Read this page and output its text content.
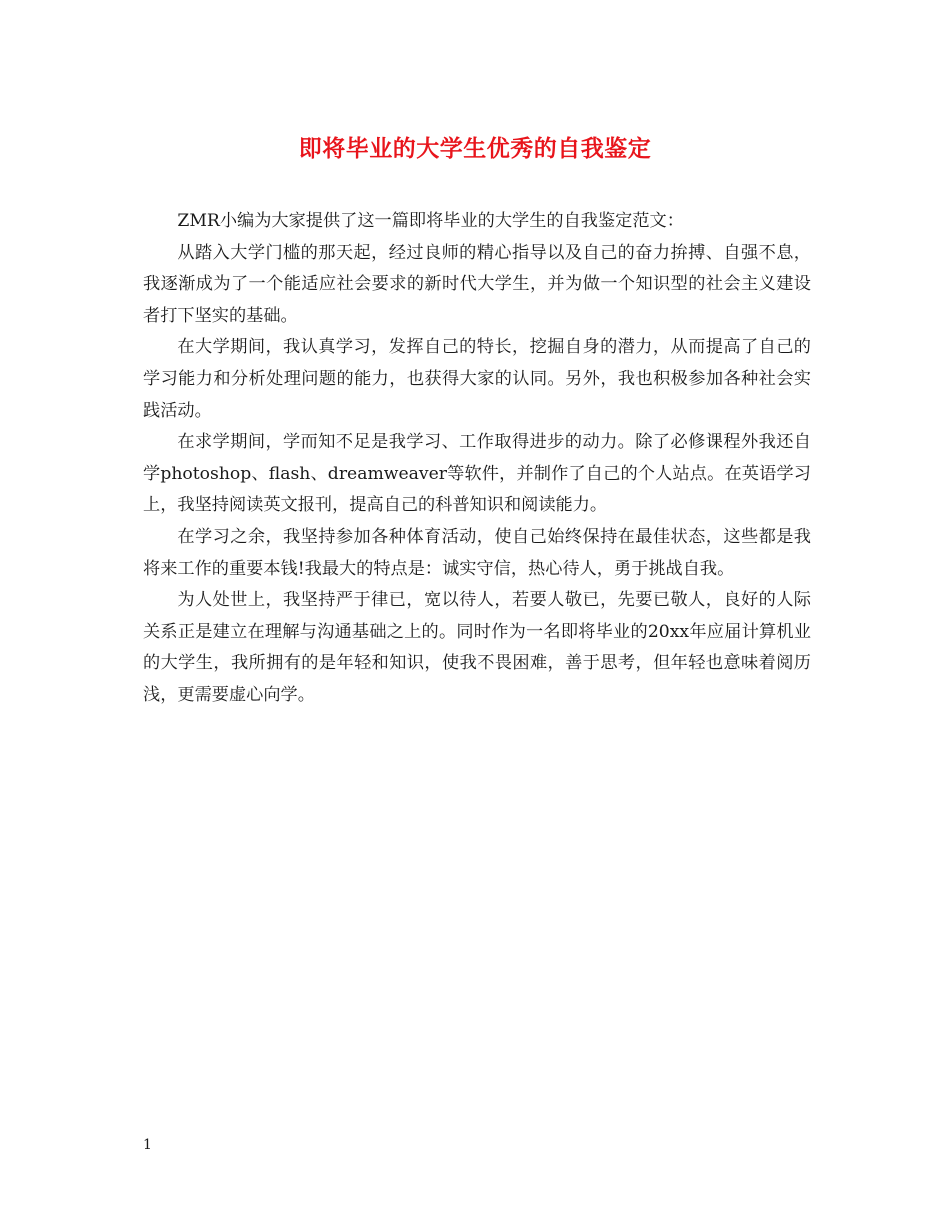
即将毕业的大学生优秀的自我鉴定

ZMR小编为大家提供了这一篇即将毕业的大学生的自我鉴定范文：

从踏入大学门槛的那天起，经过良师的精心指导以及自己的奋力拚搏、自强不息，我逐渐成为了一个能适应社会要求的新时代大学生，并为做一个知识型的社会主义建设者打下坚实的基础。

在大学期间，我认真学习，发挥自己的特长，挖掘自身的潜力，从而提高了自己的学习能力和分析处理问题的能力，也获得大家的认同。另外，我也积极参加各种社会实践活动。

在求学期间，学而知不足是我学习、工作取得进步的动力。除了必修课程外我还自学photoshop、flash、dreamweaver等软件，并制作了自己的个人站点。在英语学习上，我坚持阅读英文报刊，提高自己的科普知识和阅读能力。

在学习之余，我坚持参加各种体育活动，使自己始终保持在最佳状态，这些都是我将来工作的重要本钱!我最大的特点是：诚实守信，热心待人，勇于挑战自我。

为人处世上，我坚持严于律已，宽以待人，若要人敬已，先要已敬人，良好的人际关系正是建立在理解与沟通基础之上的。同时作为一名即将毕业的20xx年应届计算机业的大学生，我所拥有的是年轻和知识，使我不畏困难，善于思考，但年轻也意味着阅历浅，更需要虚心向学。

1
